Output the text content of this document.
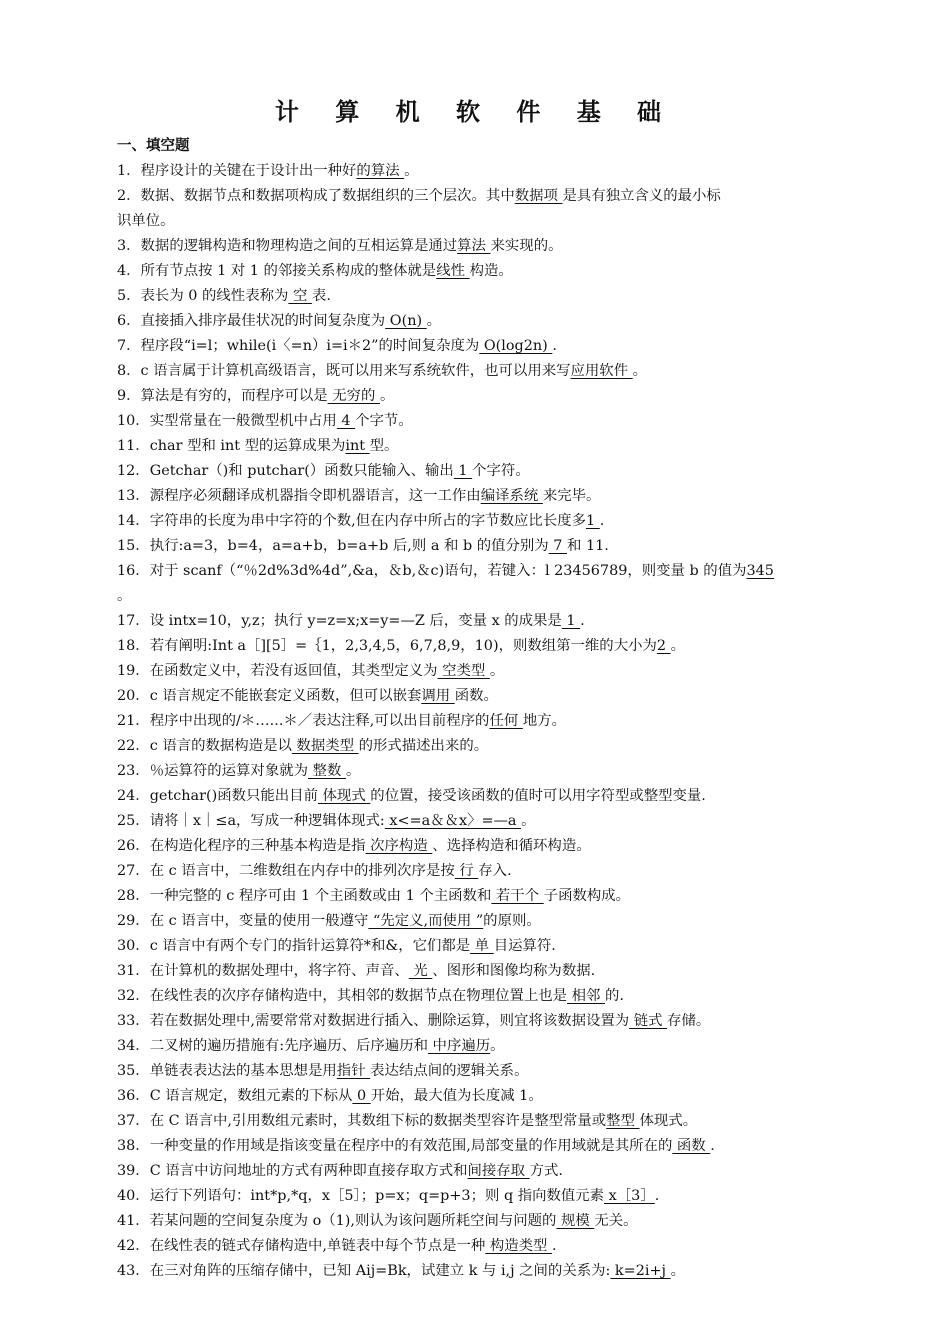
计 算 机 软 件 基 础
一、填空题
1．程序设计的关键在于设计出一种好的算法 。
2．数据、数据节点和数据项构成了数据组织的三个层次。其中数据项 是具有独立含义的最小标
识单位。
3．数据的逻辑构造和物理构造之间的互相运算是通过算法 来实现的。
4．所有节点按 1 对 1 的邻接关系构成的整体就是线性 构造。
5．表长为 0 的线性表称为 空 表.
6．直接插入排序最佳状况的时间复杂度为 O(n) 。
7．程序段“i=l；while(i〈=n）i=i＊2”的时间复杂度为 O(log2n) .
8．c 语言属于计算机高级语言，既可以用来写系统软件，也可以用来写应用软件 。
9．算法是有穷的，而程序可以是 无穷的 。
10．实型常量在一般微型机中占用 4 个字节。
11．char 型和 int 型的运算成果为int 型。
12．Getchar（)和 putchar(）函数只能输入、输出 1 个字符。
13．源程序必须翻译成机器指令即机器语言，这一工作由编译系统 来完毕。
14．字符串的长度为串中字符的个数,但在内存中所占的字节数应比长度多1 .
15．执行:a=3，b=4，a=a+b，b=a+b 后,则 a 和 b 的值分别为 7 和 11.
16．对于 scanf（“％2d%3d%4d”,&a，＆b,＆c)语句，若键入：l 23456789，则变量 b 的值为345
。
17．设 intx=10，y,z；执行 y=z=x;x=y=—Z 后，变量 x 的成果是 1 .
18．若有阐明:Int a［][5］=｛1，2,3,4,5，6,7,8,9，10)，则数组第一维的大小为2 。
19．在函数定义中，若没有返回值，其类型定义为 空类型 。
20．c 语言规定不能嵌套定义函数，但可以嵌套调用 函数。
21．程序中出现的/＊…...＊／表达注释,可以出目前程序的任何 地方。
22．c 语言的数据构造是以 数据类型 的形式描述出来的。
23．％运算符的运算对象就为 整数 。
24．getchar()函数只能出目前 体现式 的位置，接受该函数的值时可以用字符型或整型变量.
25．请将｜x｜≤a，写成一种逻辑体现式: x<=a＆＆x〉=—a 。
26．在构造化程序的三种基本构造是指 次序构造 、选择构造和循环构造。
27．在 c 语言中，二维数组在内存中的排列次序是按 行 存入.
28．一种完整的 c 程序可由 1 个主函数或由 1 个主函数和 若干个 子函数构成。
29．在 c 语言中，变量的使用一般遵守 “先定义,而使用 ”的原则。
30．c 语言中有两个专门的指针运算符*和&，它们都是 单 目运算符.
31．在计算机的数据处理中，将字符、声音、 光 、图形和图像均称为数据.
32．在线性表的次序存储构造中，其相邻的数据节点在物理位置上也是 相邻 的.
33．若在数据处理中,需要常常对数据进行插入、删除运算，则宜将该数据设置为 链式 存储。
34．二叉树的遍历措施有:先序遍历、后序遍历和 中序遍历。
35．单链表表达法的基本思想是用指针 表达结点间的逻辑关系。
36．C 语言规定，数组元素的下标从 0 开始，最大值为长度减 1。
37．在 C 语言中,引用数组元素时，其数组下标的数据类型容许是整型常量或整型 体现式。
38．一种变量的作用域是指该变量在程序中的有效范围,局部变量的作用域就是其所在的 函数 .
39．C 语言中访问地址的方式有两种即直接存取方式和间接存取 方式.
40．运行下列语句：int*p,*q，x［5］；p=x；q=p+3；则 q 指向数值元素 x［3］.
41．若某问题的空间复杂度为 o（1),则认为该问题所耗空间与问题的 规模 无关。
42．在线性表的链式存储构造中,单链表中每个节点是一种 构造类型 .
43．在三对角阵的压缩存储中，已知 Aij=Bk，试建立 k 与 i,j 之间的关系为: k=2i+j 。
